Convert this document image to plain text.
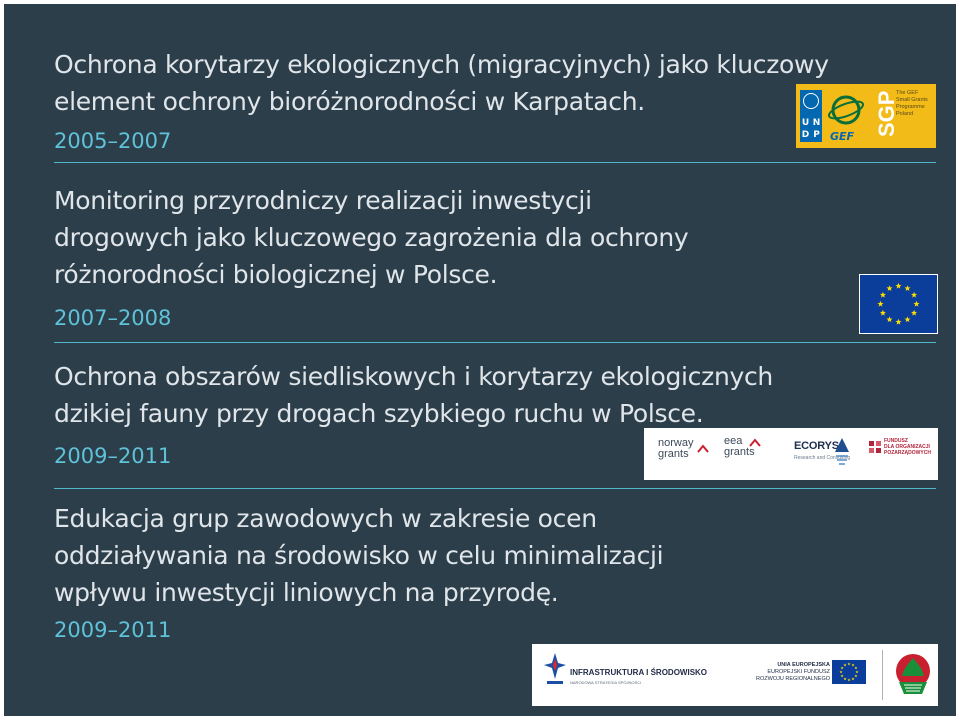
Ochrona korytarzy ekologicznych (migracyjnych) jako kluczowy
element ochrony bioróżnorodności w Karpatach.

2005–2007

Monitoring przyrodniczy realizacji inwestycji
drogowych jako kluczowego zagrożenia dla ochrony
różnorodności biologicznej w Polsce.

2007–2008

Ochrona obszarów siedliskowych i korytarzy ekologicznych
dzikiej fauny przy drogach szybkiego ruchu w Polsce.

2009–2011

Edukacja grup zawodowych w zakresie ocen
oddziaływania na środowisko w celu minimalizacji
wpływu inwestycji liniowych na przyrodę.

2009–2011

U N
D P GEF SGP
The GEF
Small Grants
Programme
Poland
norway
grants
eea
grants	ECORYS
Research and Consulting
FUNDUSZ
DLA ORGANIZACJI
POZARZĄDOWYCH
INFRASTRUKTURA I ŚRODOWISKO
NARODOWA STRATEGIA SPÓJNOŚCI
UNIA EUROPEJSKA
EUROPEJSKI FUNDUSZ
ROZWOJU REGIONALNEGO
